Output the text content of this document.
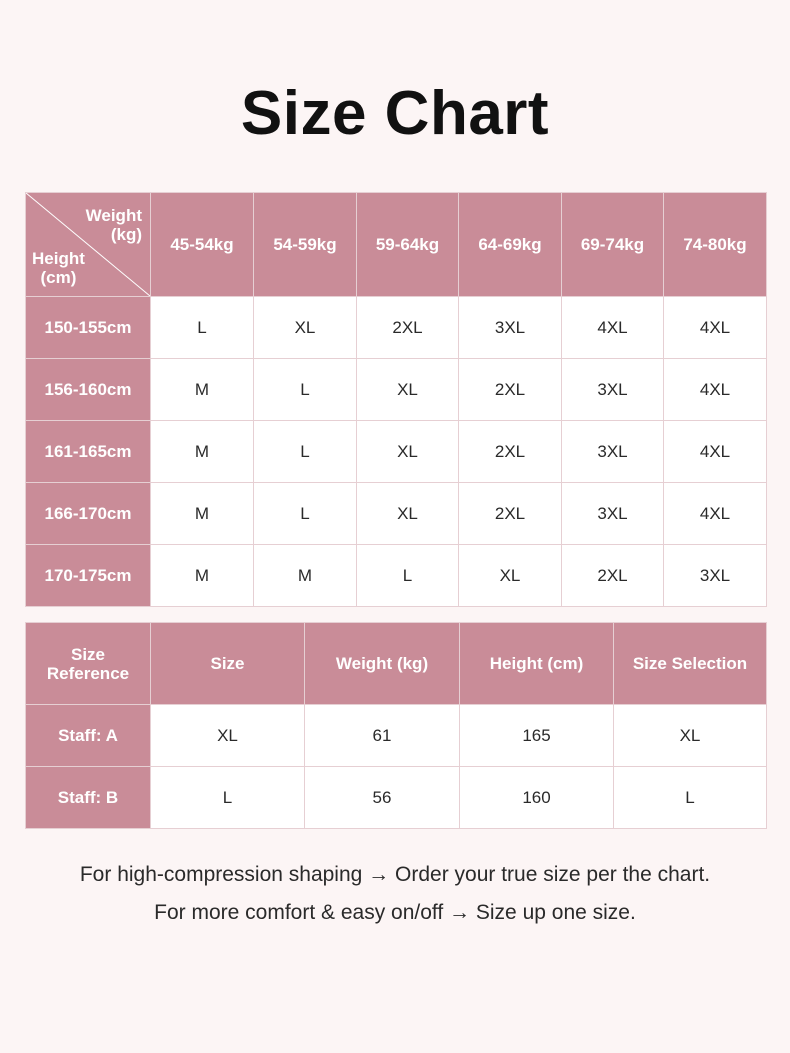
Size Chart
Weight
(kg)
Height
(cm)	45-54kg	54-59kg	59-64kg	64-69kg	69-74kg	74-80kg
150-155cm	L	XL	2XL	3XL	4XL	4XL
156-160cm	M	L	XL	2XL	3XL	4XL
161-165cm	M	L	XL	2XL	3XL	4XL
166-170cm	M	L	XL	2XL	3XL	4XL
170-175cm	M	M	L	XL	2XL	3XL
Size
Reference	Size	Weight (kg)	Height (cm)	Size Selection
Staff: A	XL	61	165	XL
Staff: B	L	56	160	L
For high-compression shaping → Order your true size per the chart.
For more comfort & easy on/off → Size up one size.
